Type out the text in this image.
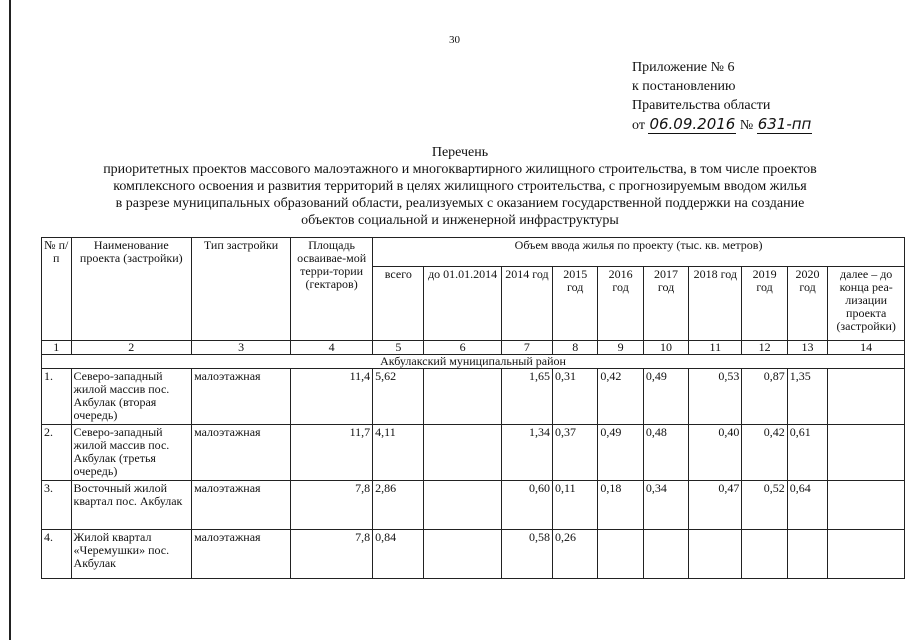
30
Приложение № 6
к постановлению
Правительства области
от 06.09.2016 № 631-пп
Перечень
приоритетных проектов массового малоэтажного и многоквартирного жилищного строительства, в том числе проектов
комплексного освоения и развития территорий в целях жилищного строительства, с прогнозируемым вводом жилья
в разрезе муниципальных образований области, реализуемых с оказанием государственной поддержки на создание
объектов социальной и инженерной инфраструктуры
№ п/п	Наименование проекта (застройки)	Тип застройки	Площадь осваивае-мой терри-тории (гектаров)	Объем ввода жилья по проекту (тыс. кв. метров)									
				всего	до 01.01.2014	2014 год	2015 год	2016 год	2017 год	2018 год	2019 год	2020 год	далее – до конца реа-лизации проекта (застройки)
1	2	3	4	5	6	7	8	9	10	11	12	13	14
Акбулакский муниципальный район													
1.	Северо-западный жилой массив пос. Акбулак (вторая очередь)	малоэтажная	11,4	5,62		1,65	0,31	0,42	0,49	0,53	0,87	1,35	
2.	Северо-западный жилой массив пос. Акбулак (третья очередь)	малоэтажная	11,7	4,11		1,34	0,37	0,49	0,48	0,40	0,42	0,61	
3.	Восточный жилой квартал пос. Акбулак	малоэтажная	7,8	2,86		0,60	0,11	0,18	0,34	0,47	0,52	0,64	
4.	Жилой квартал «Черемушки» пос. Акбулак	малоэтажная	7,8	0,84		0,58	0,26						
